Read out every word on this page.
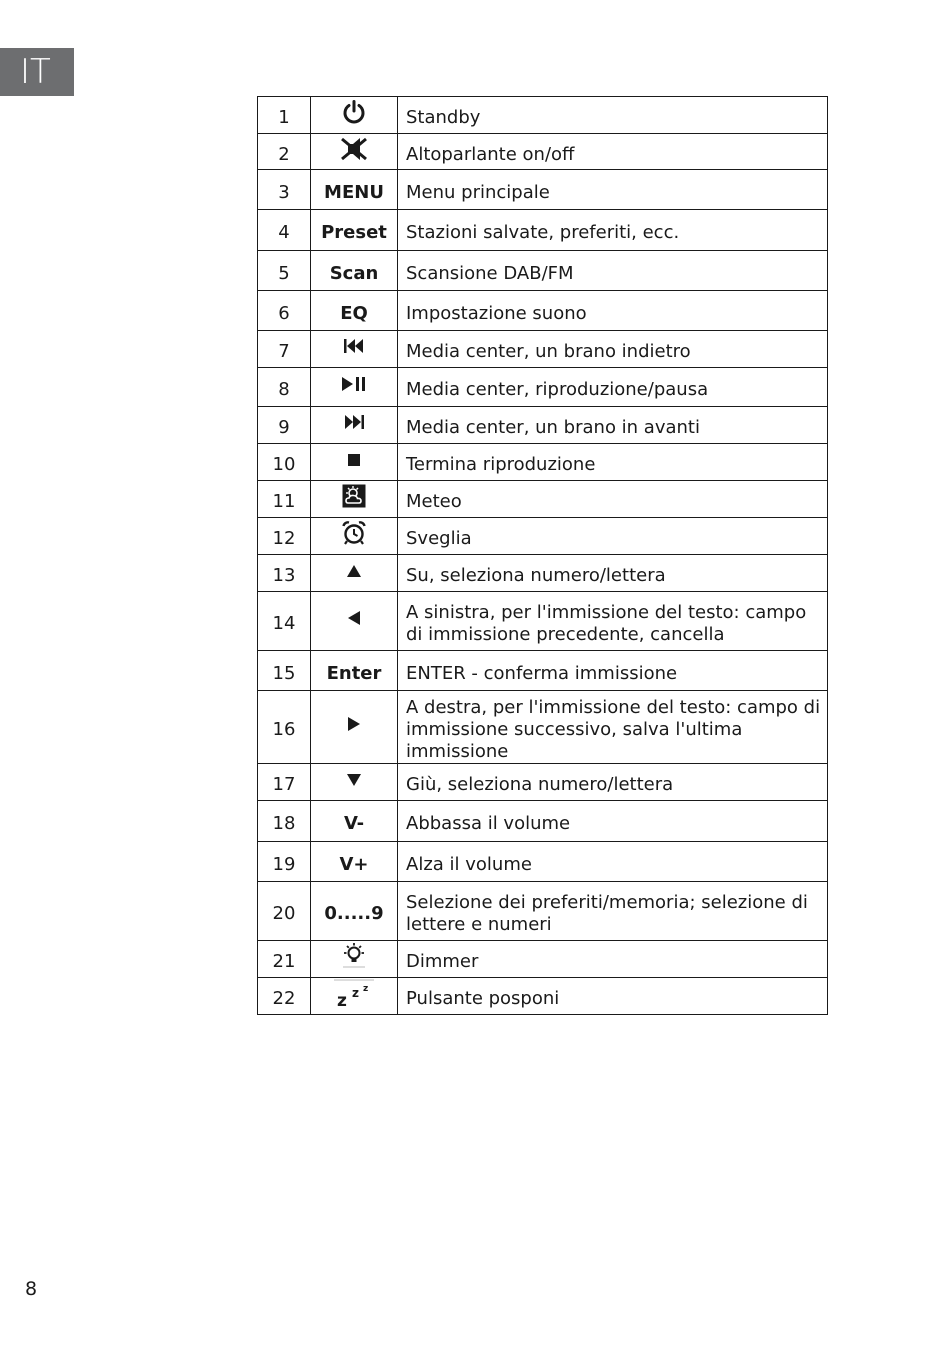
IT
1		Standby
2		Altoparlante on/off
3	MENU	Menu principale
4	Preset	Stazioni salvate, preferiti, ecc.
5	Scan	Scansione DAB/FM
6	EQ	Impostazione suono
7		Media center, un brano indietro
8		Media center, riproduzione/pausa
9		Media center, un brano in avanti
10		Termina riproduzione
11		Meteo
12		Sveglia
13		Su, seleziona numero/lettera
14		A sinistra, per l'immissione del testo: campo di immissione precedente, cancella
15	Enter	ENTER - conferma immissione
16		A destra, per l'immissione del testo: campo di immissione successivo, salva l'ultima immissione
17		Giù, seleziona numero/lettera
18	V-	Abbassa il volume
19	V+	Alza il volume
20	0.....9	Selezione dei preferiti/memoria; selezione di lettere e numeri
21		Dimmer
22	z z z	Pulsante posponi
8
